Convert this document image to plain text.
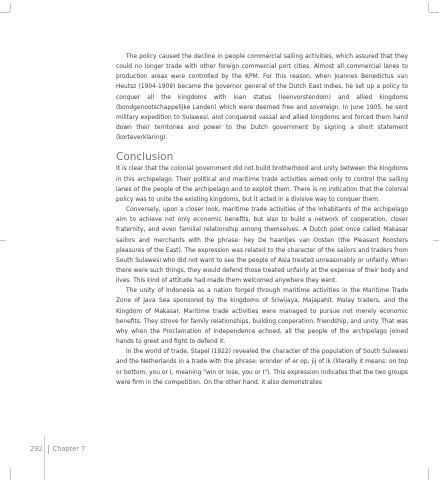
The policy caused the decline in people commercial sailing activities, which assured that they could no longer trade with other foreign commercial port cities. Almost all commercial lanes to production areas were controlled by the KPM. For this reason, when Joannes Benedictus van Heutsz (1904-1909) became the governor general of the Dutch East Indies, he set up a policy to conquer all the kingdoms with loan status (leenvorstendom) and allied kingdoms (bondgenootschappelijke Landen) which were deemed free and sovereign. In June 1905, he sent military expedition to Sulawesi, and conquered vassal and allied kingdoms and forced them hand down their territories and power to the Dutch government by signing a short statement (korteverklaring).

Conclusion

It is clear that the colonial government did not build brotherhood and unity between the kingdoms in this archipelago. Their political and maritime trade activities aimed only to control the sailing lanes of the people of the archipelago and to exploit them. There is no indication that the colonial policy was to unite the existing kingdoms, but it acted in a divisive way to conquer them.

Conversely, upon a closer look, maritime trade activities of the inhabitants of the archipelago aim to achieve not only economic benefits, but also to build a network of cooperation, closer fraternity, and even familial relationship among themselves. A Dutch poet once called Makasar sailors and merchants with the phrase: hey De haantjes van Oosten (the Pleasant Roosters pleasures of the East). The expression was related to the character of the sailors and traders from South Sulawesi who did not want to see the people of Asia treated unreasonably or unfairly. When there were such things, they would defend those treated unfairly at the expense of their body and lives. This kind of attitude had made them welcomed anywhere they went.

The unity of Indonesia as a nation forged through maritime activities in the Maritime Trade Zone of Java Sea sponsored by the kingdoms of Sriwijaya, Majapahit, Malay traders, and the Kingdom of Makasar. Maritime trade activities were managed to pursue not merely economic benefits. They strove for family relationships, building cooperation, friendship, and unity. That was why when the Proclamation of independence echoed, all the people of the archipelago joined hands to greet and fight to defend it.

In the world of trade, Stapel (1922) revealed the character of the population of South Sulawesi and the Netherlands in a trade with the phrase: eronder of er op, jij of ik (literally it means: on top or bottom, you or I, meaning "win or lose, you or I"). This expression indicates that the two groups were firm in the competition. On the other hand, it also demonstrates

292 Chapter 7
